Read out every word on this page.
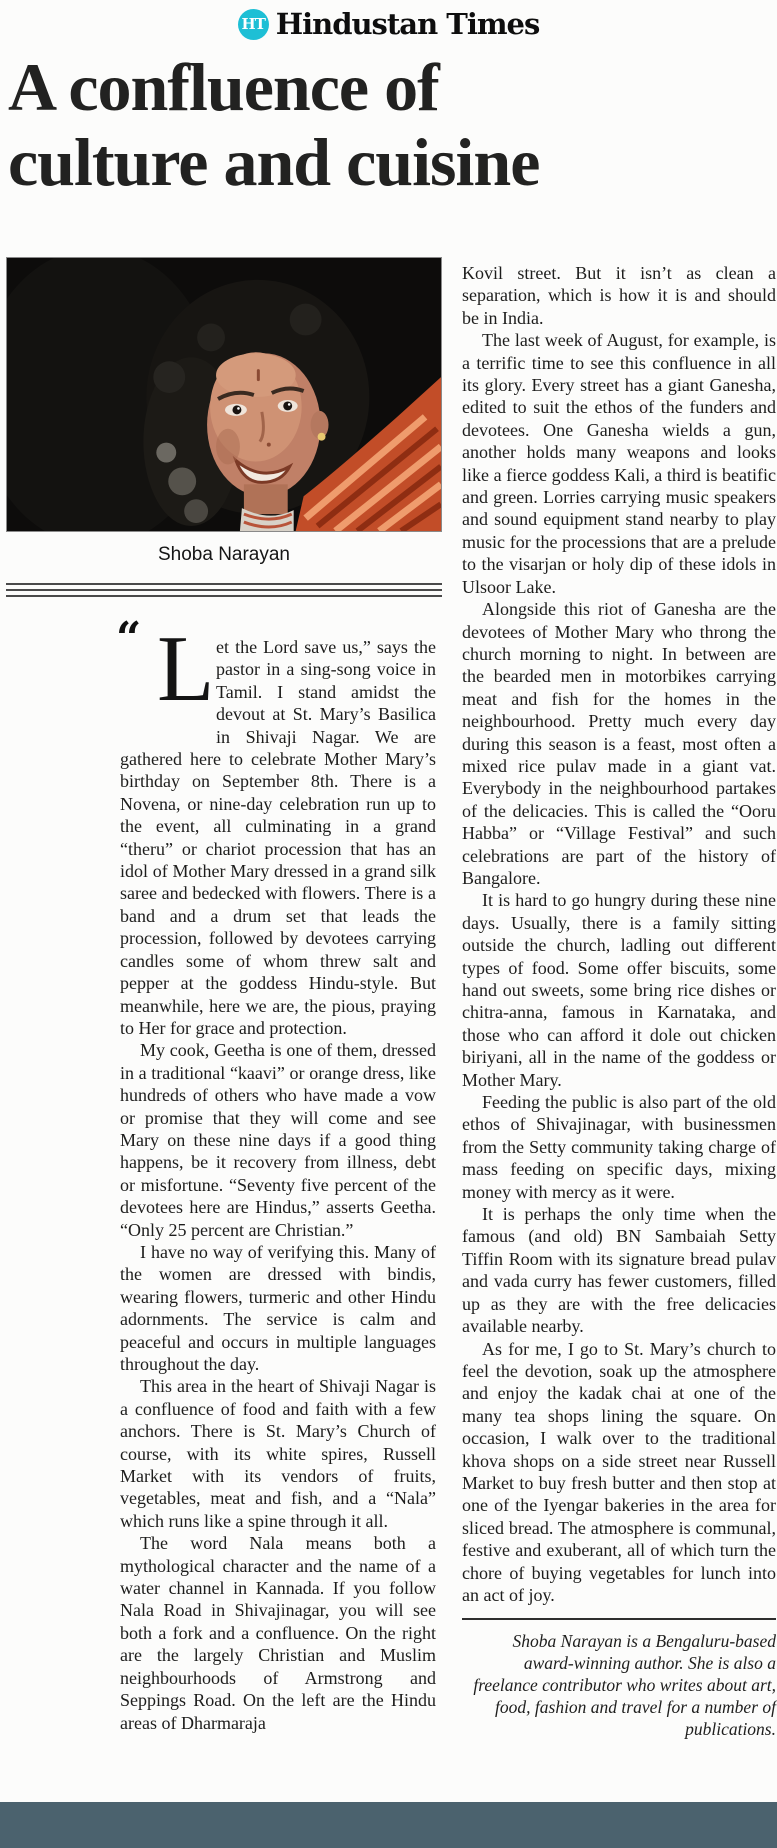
HT Hindustan Times
A confluence of
culture and cuisine
Shoba Narayan

“ L et the Lord save us,” says the pastor in a sing-song voice in Tamil. I stand amidst the devout at St. Mary’s Basilica in Shivaji Nagar. We are gathered here to celebrate Mother Mary’s birthday on September 8th. There is a Novena, or nine-day celebration run up to the event, all culminating in a grand “theru” or chariot procession that has an idol of Mother Mary dressed in a grand silk saree and bedecked with flowers. There is a band and a drum set that leads the procession, followed by devotees carrying candles some of whom threw salt and pepper at the goddess Hindu-style. But meanwhile, here we are, the pious, praying to Her for grace and protection.

My cook, Geetha is one of them, dressed in a traditional “kaavi” or orange dress, like hundreds of others who have made a vow or promise that they will come and see Mary on these nine days if a good thing happens, be it recovery from illness, debt or misfortune. “Seventy five percent of the devotees here are Hindus,” asserts Geetha. “Only 25 percent are Christian.”

I have no way of verifying this. Many of the women are dressed with bindis, wearing flowers, turmeric and other Hindu adornments. The service is calm and peaceful and occurs in multiple languages throughout the day.

This area in the heart of Shivaji Nagar is a confluence of food and faith with a few anchors. There is St. Mary’s Church of course, with its white spires, Russell Market with its vendors of fruits, vegetables, meat and fish, and a “Nala” which runs like a spine through it all.

The word Nala means both a mythological character and the name of a water channel in Kannada. If you follow Nala Road in Shivajinagar, you will see both a fork and a confluence. On the right are the largely Christian and Muslim neighbourhoods of Armstrong and Seppings Road. On the left are the Hindu areas of Dharmaraja

Kovil street. But it isn’t as clean a separation, which is how it is and should be in India.

The last week of August, for example, is a terrific time to see this confluence in all its glory. Every street has a giant Ganesha, edited to suit the ethos of the funders and devotees. One Ganesha wields a gun, another holds many weapons and looks like a fierce goddess Kali, a third is beatific and green. Lorries carrying music speakers and sound equipment stand nearby to play music for the processions that are a prelude to the visarjan or holy dip of these idols in Ulsoor Lake.

Alongside this riot of Ganesha are the devotees of Mother Mary who throng the church morning to night. In between are the bearded men in motorbikes carrying meat and fish for the homes in the neighbourhood. Pretty much every day during this season is a feast, most often a mixed rice pulav made in a giant vat. Everybody in the neighbourhood partakes of the delicacies. This is called the “Ooru Habba” or “Village Festival” and such celebrations are part of the history of Bangalore.

It is hard to go hungry during these nine days. Usually, there is a family sitting outside the church, ladling out different types of food. Some offer biscuits, some hand out sweets, some bring rice dishes or chitra-anna, famous in Karnataka, and those who can afford it dole out chicken biriyani, all in the name of the goddess or Mother Mary.

Feeding the public is also part of the old ethos of Shivajinagar, with businessmen from the Setty community taking charge of mass feeding on specific days, mixing money with mercy as it were.

It is perhaps the only time when the famous (and old) BN Sambaiah Setty Tiffin Room with its signature bread pulav and vada curry has fewer customers, filled up as they are with the free delicacies available nearby.

As for me, I go to St. Mary’s church to feel the devotion, soak up the atmosphere and enjoy the kadak chai at one of the many tea shops lining the square. On occasion, I walk over to the traditional khova shops on a side street near Russell Market to buy fresh butter and then stop at one of the Iyengar bakeries in the area for sliced bread. The atmosphere is communal, festive and exuberant, all of which turn the chore of buying vegetables for lunch into an act of joy.

Shoba Narayan is a Bengaluru-based award-winning author. She is also a freelance contributor who writes about art, food, fashion and travel for a number of publications.
